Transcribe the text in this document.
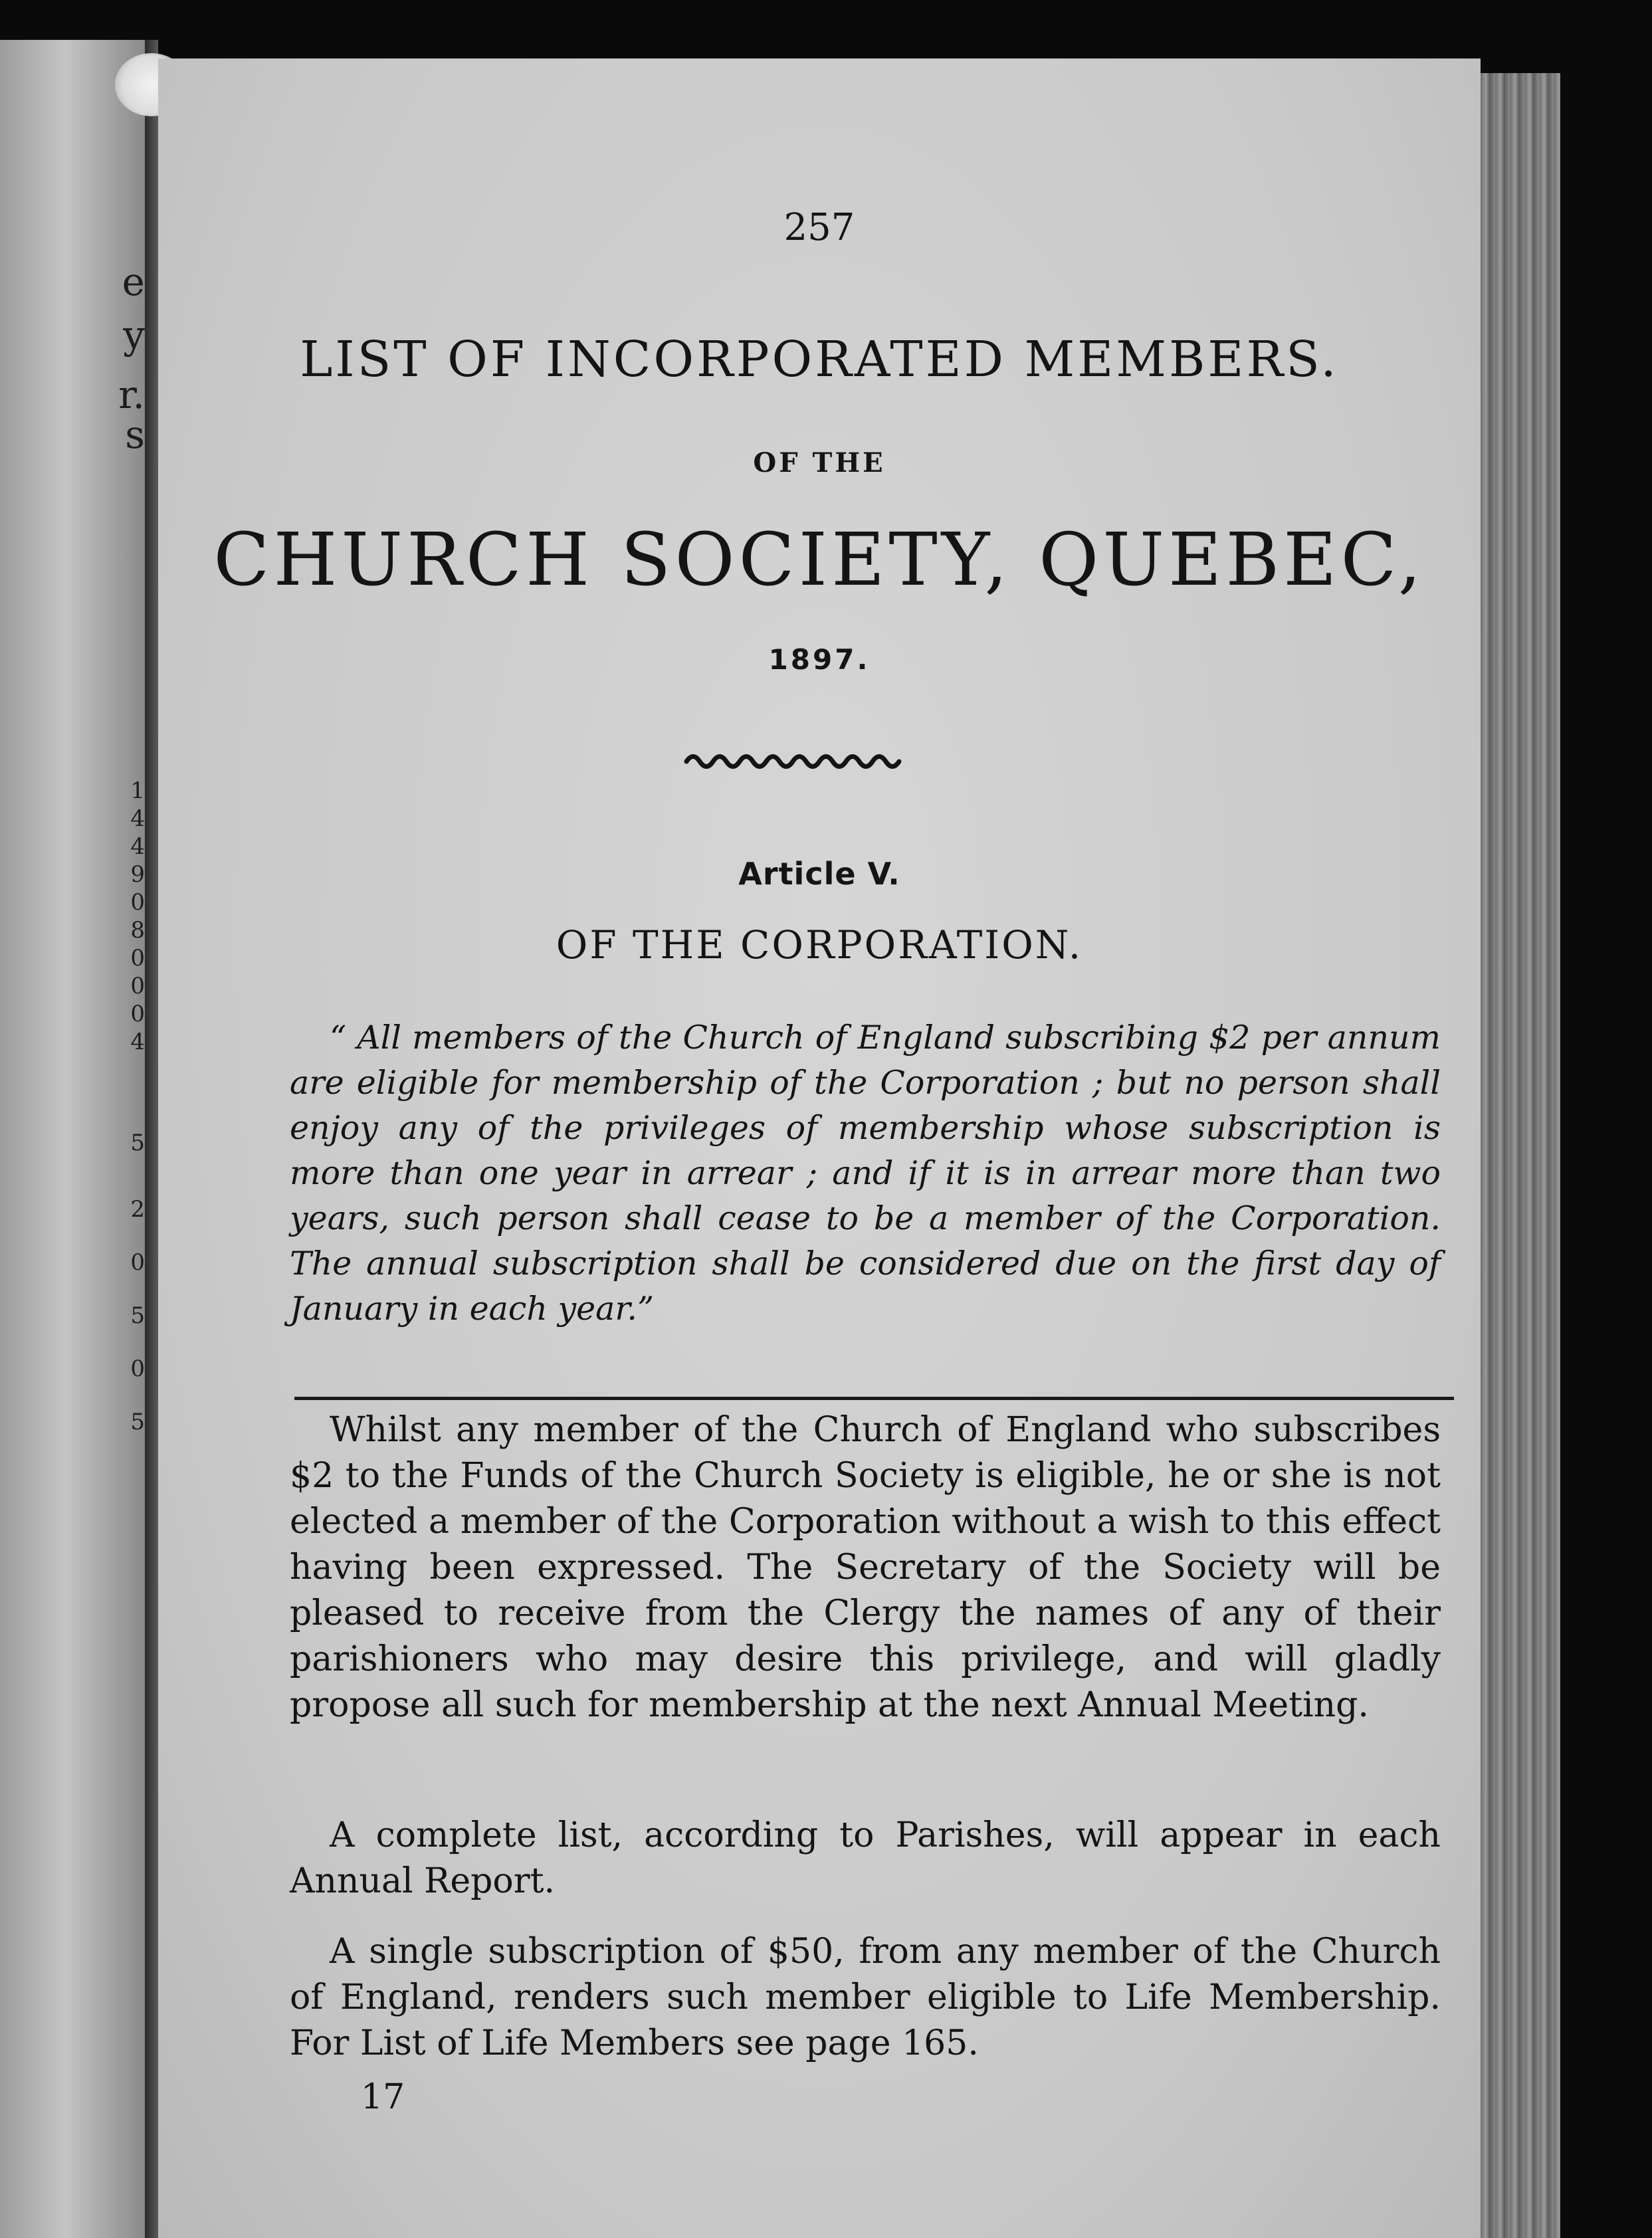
e
y
r.
s
1
4
4
9
0
8
0
0
0
4
5
2
0
5
0
5
257
LIST OF INCORPORATED MEMBERS.
OF THE
CHURCH SOCIETY, QUEBEC,
1897.
Article V.
OF THE CORPORATION.

“ All members of the Church of England subscribing $2 per annum are eligible for membership of the Corporation ; but no person shall enjoy any of the privileges of membership whose subscription is more than one year in arrear ; and if it is in arrear more than two years, such person shall cease to be a member of the Corporation. The annual subscription shall be considered due on the first day of January in each year.”

Whilst any member of the Church of England who subscribes $2 to the Funds of the Church Society is eligible, he or she is not elected a member of the Corporation without a wish to this effect having been expressed. The Secretary of the Society will be pleased to receive from the Clergy the names of any of their parishioners who may desire this privilege, and will gladly propose all such for membership at the next Annual Meeting.

A complete list, according to Parishes, will appear in each Annual Report.

A single subscription of $50, from any member of the Church of England, renders such member eligible to Life Membership. For List of Life Members see page 165.

17
